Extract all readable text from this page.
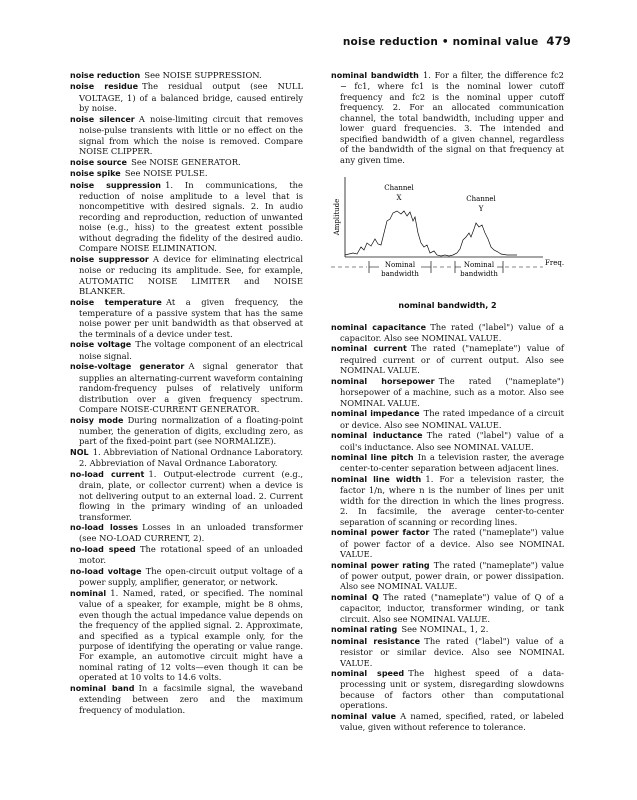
noise reduction • nominal value 479

noise reduction  See NOISE SUPPRESSION.

noise residue  The residual output (see NULL VOLTAGE, 1) of a balanced bridge, caused entirely by noise.

noise silencer  A noise-limiting circuit that removes noise-pulse transients with little or no effect on the signal from which the noise is removed. Compare NOISE CLIPPER.

noise source  See NOISE GENERATOR.

noise spike  See NOISE PULSE.

noise suppression  1. In communications, the reduction of noise amplitude to a level that is noncompetitive with desired signals. 2. In audio recording and reproduction, reduction of unwanted noise (e.g., hiss) to the greatest extent possible without degrading the fidelity of the desired audio. Compare NOISE ELIMINATION.

noise suppressor  A device for eliminating electrical noise or reducing its amplitude. See, for example, AUTOMATIC NOISE LIMITER and NOISE BLANKER.

noise temperature  At a given frequency, the temperature of a passive system that has the same noise power per unit bandwidth as that observed at the terminals of a device under test.

noise voltage  The voltage component of an electrical noise signal.

noise-voltage generator  A signal generator that supplies an alternating-current waveform containing random-frequency pulses of relatively uniform distribution over a given frequency spectrum. Compare NOISE-CURRENT GENERATOR.

noisy mode  During normalization of a floating-point number, the generation of digits, excluding zero, as part of the fixed-point part (see NORMALIZE).

NOL  1. Abbreviation of National Ordnance Laboratory. 2. Abbreviation of Naval Ordnance Laboratory.

no-load current  1. Output-electrode current (e.g., drain, plate, or collector current) when a device is not delivering output to an external load. 2. Current flowing in the primary winding of an unloaded transformer.

no-load losses  Losses in an unloaded transformer (see NO-LOAD CURRENT, 2).

no-load speed  The rotational speed of an unloaded motor.

no-load voltage  The open-circuit output voltage of a power supply, amplifier, generator, or network.

nominal  1. Named, rated, or specified. The nominal value of a speaker, for example, might be 8 ohms, even though the actual impedance value depends on the frequency of the applied signal. 2. Approximate, and specified as a typical example only, for the purpose of identifying the operating or value range. For example, an automotive circuit might have a nominal rating of 12 volts—even though it can be operated at 10 volts to 14.6 volts.

nominal band  In a facsimile signal, the waveband extending between zero and the maximum frequency of modulation.

nominal bandwidth  1. For a filter, the difference fc2 − fc1, where fc1 is the nominal lower cutoff frequency and fc2 is the nominal upper cutoff frequency. 2. For an allocated communication channel, the total bandwidth, including upper and lower guard frequencies. 3. The intended and specified bandwidth of a given channel, regardless of the bandwidth of the signal on that frequency at any given time.

Amplitude
Freq.
Channel
X	Channel
Y
Nominal
bandwidth
Nominal
bandwidth
nominal bandwidth, 2

nominal capacitance  The rated ("label") value of a capacitor. Also see NOMINAL VALUE.

nominal current  The rated ("nameplate") value of required current or of current output. Also see NOMINAL VALUE.

nominal horsepower  The rated ("nameplate") horsepower of a machine, such as a motor. Also see NOMINAL VALUE.

nominal impedance  The rated impedance of a circuit or device. Also see NOMINAL VALUE.

nominal inductance  The rated ("label") value of a coil's inductance. Also see NOMINAL VALUE.

nominal line pitch  In a television raster, the average center-to-center separation between adjacent lines.

nominal line width  1. For a television raster, the factor 1/n, where n is the number of lines per unit width for the direction in which the lines progress. 2. In facsimile, the average center-to-center separation of scanning or recording lines.

nominal power factor  The rated ("nameplate") value of power factor of a device. Also see NOMINAL VALUE.

nominal power rating  The rated ("nameplate") value of power output, power drain, or power dissipation. Also see NOMINAL VALUE.

nominal Q  The rated ("nameplate") value of Q of a capacitor, inductor, transformer winding, or tank circuit. Also see NOMINAL VALUE.

nominal rating  See NOMINAL, 1, 2.

nominal resistance  The rated ("label") value of a resistor or similar device. Also see NOMINAL VALUE.

nominal speed  The highest speed of a data-processing unit or system, disregarding slowdowns because of factors other than computational operations.

nominal value  A named, specified, rated, or labeled value, given without reference to tolerance.
